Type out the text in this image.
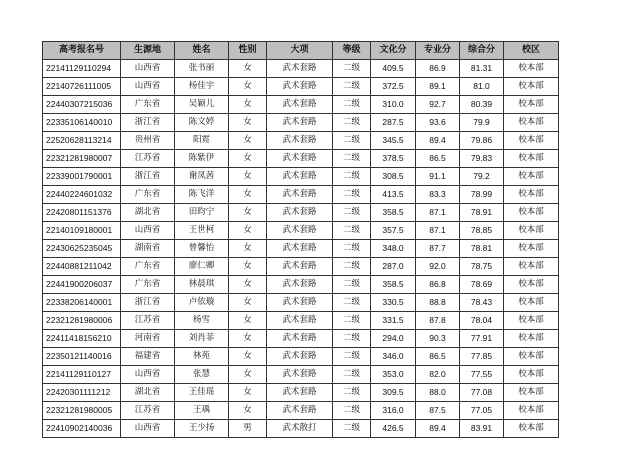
高考报名号	生源地	姓名	性别	大项	等级	文化分	专业分	综合分	校区
22141129110294	山西省	张书丽	女	武术套路	二级	409.5	86.9	81.31	校本部
22140726111005	山西省	杨佳宇	女	武术套路	二级	372.5	89.1	81.0	校本部
22440307215036	广东省	吴颖儿	女	武术套路	二级	310.0	92.7	80.39	校本部
22335106140010	浙江省	陈文婷	女	武术套路	二级	287.5	93.6	79.9	校本部
22520628113214	贵州省	阳霓	女	武术套路	二级	345.5	89.4	79.86	校本部
22321281980007	江苏省	陈紫伊	女	武术套路	二级	378.5	86.5	79.83	校本部
22339001790001	浙江省	谢凤茜	女	武术套路	二级	308.5	91.1	79.2	校本部
22440224601032	广东省	陈飞洋	女	武术套路	二级	413.5	83.3	78.99	校本部
22420801151376	湖北省	田昀宁	女	武术套路	二级	358.5	87.1	78.91	校本部
22140109180001	山西省	王世柯	女	武术套路	二级	357.5	87.1	78.85	校本部
22430625235045	湖南省	曾馨怡	女	武术套路	二级	348.0	87.7	78.81	校本部
22440881211042	广东省	廖仁卿	女	武术套路	二级	287.0	92.0	78.75	校本部
22441900206037	广东省	林晨琪	女	武术套路	二级	358.5	86.8	78.69	校本部
22338206140001	浙江省	卢依璇	女	武术套路	二级	330.5	88.8	78.43	校本部
22321281980006	江苏省	杨雪	女	武术套路	二级	331.5	87.8	78.04	校本部
22411418156210	河南省	刘肖菲	女	武术套路	二级	294.0	90.3	77.91	校本部
22350121140016	福建省	林苑	女	武术套路	二级	346.0	86.5	77.85	校本部
22141129110127	山西省	张慧	女	武术套路	二级	353.0	82.0	77.55	校本部
22420301111212	湖北省	王佳瑶	女	武术套路	二级	309.5	88.0	77.08	校本部
22321281980005	江苏省	王瑀	女	武术套路	二级	316.0	87.5	77.05	校本部
22410902140036	山西省	王少扬	男	武术散打	二级	426.5	89.4	83.91	校本部
